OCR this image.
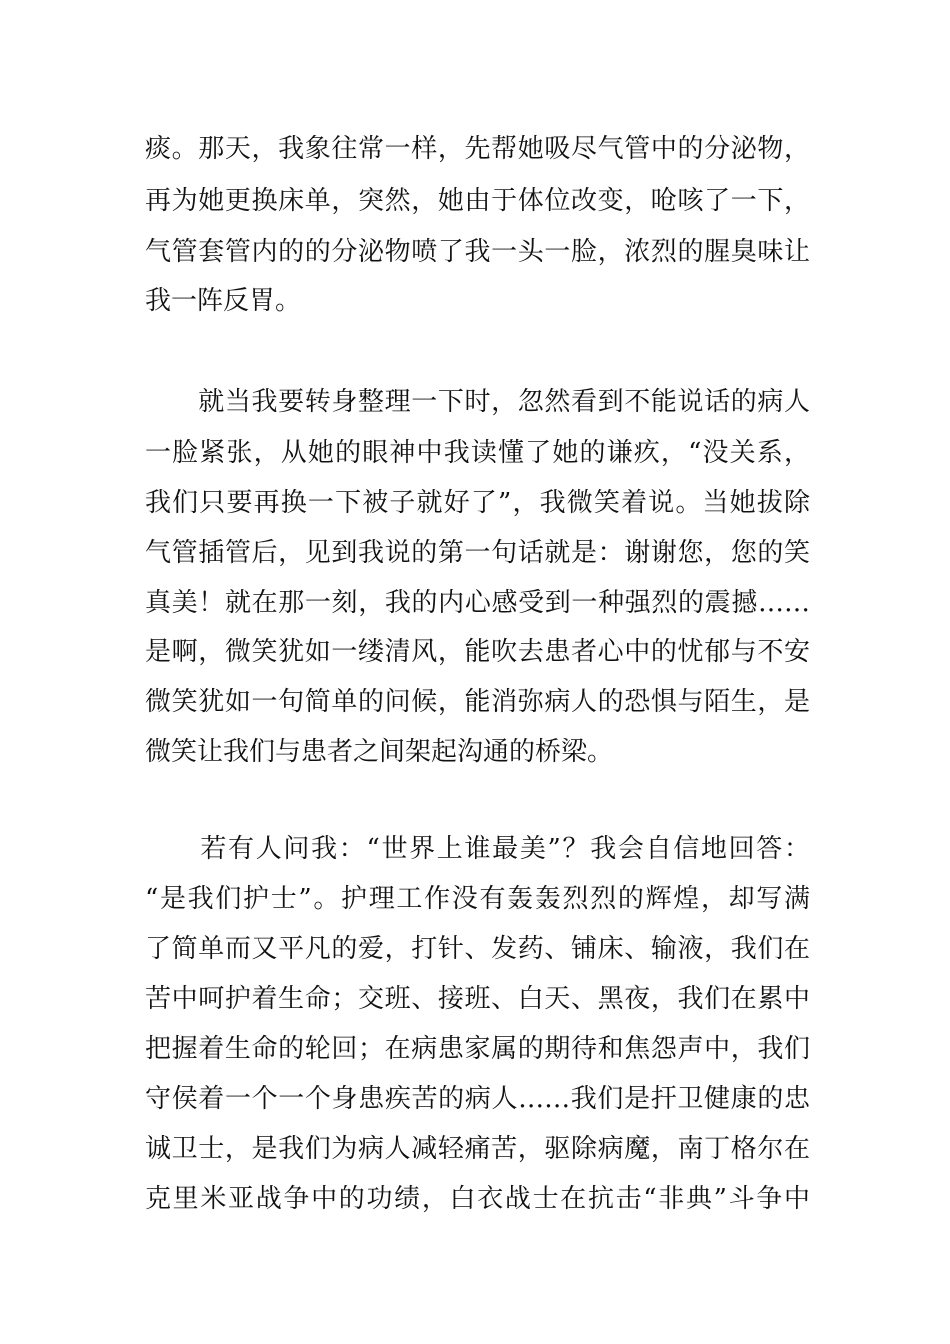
痰。那天，我象往常一样，先帮她吸尽气管中的分泌物，
再为她更换床单，突然，她由于体位改变，呛咳了一下，
气管套管内的的分泌物喷了我一头一脸，浓烈的腥臭味让
我一阵反胃。
　　就当我要转身整理一下时，忽然看到不能说话的病人
一脸紧张，从她的眼神中我读懂了她的谦疚，“没关系，
我们只要再换一下被子就好了”，我微笑着说。当她拔除
气管插管后，见到我说的第一句话就是：谢谢您，您的笑
真美！就在那一刻，我的内心感受到一种强烈的震撼……
是啊，微笑犹如一缕清风，能吹去患者心中的忧郁与不安
微笑犹如一句简单的问候，能消弥病人的恐惧与陌生，是
微笑让我们与患者之间架起沟通的桥梁。
　　若有人问我：“世界上谁最美”？我会自信地回答：
“是我们护士”。护理工作没有轰轰烈烈的辉煌，却写满
了简单而又平凡的爱，打针、发药、铺床、输液，我们在
苦中呵护着生命；交班、接班、白天、黑夜，我们在累中
把握着生命的轮回；在病患家属的期待和焦怨声中，我们
守侯着一个一个身患疾苦的病人……我们是扞卫健康的忠
诚卫士，是我们为病人减轻痛苦，驱除病魔，南丁格尔在
克里米亚战争中的功绩，白衣战士在抗击“非典”斗争中
